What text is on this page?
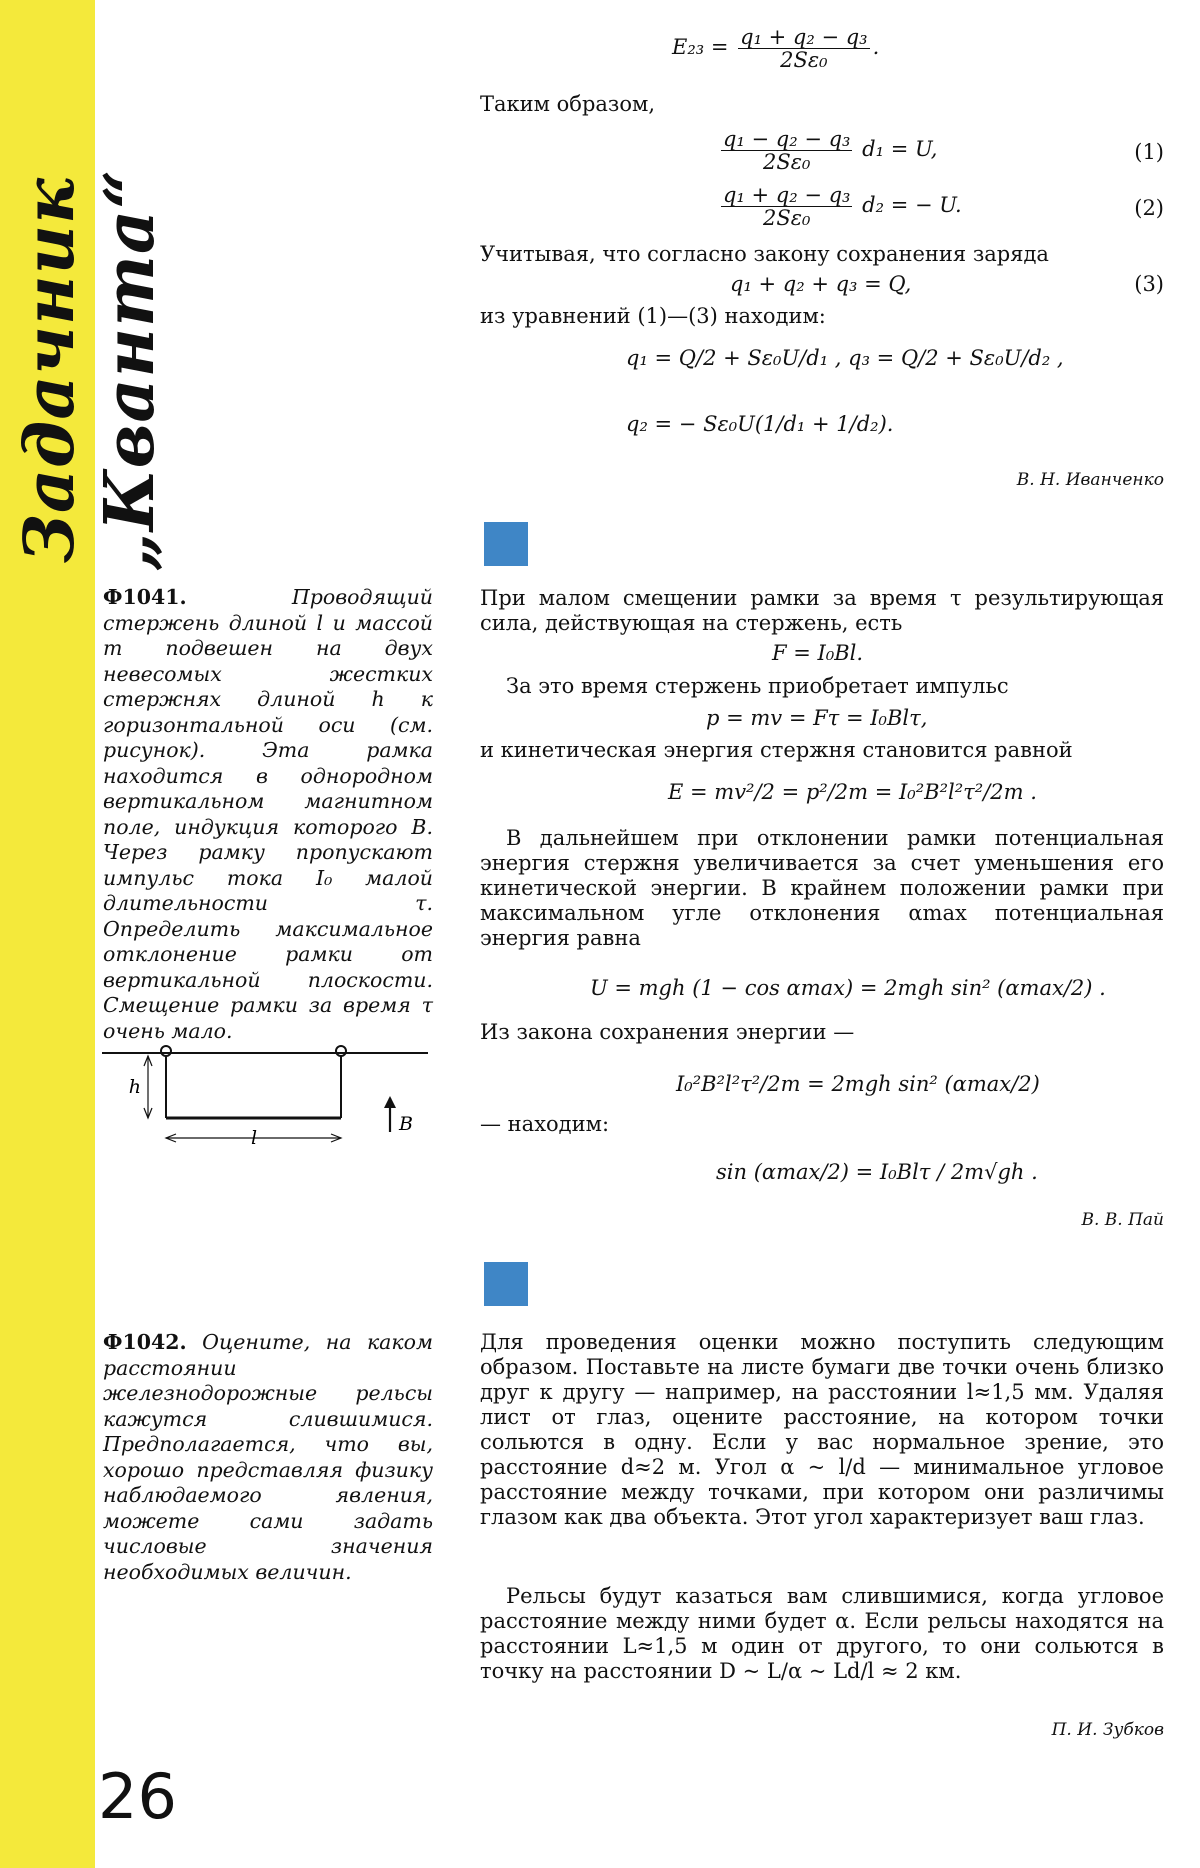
Задачник „Кванта“
26
$E_{23} = \frac{\text{q₁ + q₂ − q₃}}{\text{2Sε₀}}$ .
Таким образом,
$\frac{\text{q₁ − q₂ − q₃}}{\text{2Sε₀}} d_1 = U$,	(1)
$\frac{\text{q₁ + q₂ − q₃}}{\text{2Sε₀}} d_2$ = − U.	(2)
Учитывая, что согласно закону сохранения заряда
q₁ + q₂ + q₃ = Q,	(3)
из уравнений (1)—(3) находим:
q₁ = Q/2 + Sε₀U/d₁ , q₃ = Q/2 + Sε₀U/d₂ ,
q₂ = − Sε₀U(1/d₁ + 1/d₂).
В. Н. Иванченко
Ф1041.	Проводящий стержень длиной l и массой m подвешен на двух невесомых жестких стержнях длиной h к горизонтальной оси (см. рисунок). Эта рамка находится в однородном вертикальном магнитном поле, индукция которого B. Через рамку пропускают импульс тока I₀ малой длительности τ. Определить максимальное отклонение рамки от вертикальной плоскости. Смещение рамки за время τ очень мало.
h
l
B
При малом смещении рамки за время τ результирующая сила, действующая на стержень, есть
F = I₀Bl.
За это время стержень приобретает импульс
p = mv = Fτ = I₀Blτ,
и кинетическая энергия стержня становится равной
E = mv²/2 = p²/2m = I₀²B²l²τ²/2m .
В дальнейшем при отклонении рамки потенциальная энергия стержня увеличивается за счет уменьшения его кинетической энергии. В крайнем положении рамки при максимальном угле отклонения αmax потенциальная энергия равна
U = mgh (1 − cos αmax) = 2mgh sin² (αmax/2) .
Из закона сохранения энергии —
I₀²B²l²τ²/2m = 2mgh sin² (αmax/2)
— находим:
sin (αmax/2) = I₀Blτ / 2m√gh .
В. В. Пай
Ф1042. Оцените, на каком расстоянии железнодорожные рельсы кажутся слившимися. Предполагается, что вы, хорошо представляя физику наблюдаемого явления, можете сами задать числовые значения необходимых величин.
Для проведения оценки можно поступить следующим образом. Поставьте на листе бумаги две точки очень близко друг к другу — например, на расстоянии l≈1,5 мм. Удаляя лист от глаз, оцените расстояние, на котором точки сольются в одну. Если у вас нормальное зрение, это расстояние d≈2 м. Угол α ~ l/d — минимальное угловое расстояние между точками, при котором они различимы глазом как два объекта. Этот угол характеризует ваш глаз.
Рельсы будут казаться вам слившимися, когда угловое расстояние между ними будет α. Если рельсы находятся на расстоянии L≈1,5 м один от другого, то они сольются в точку на расстоянии D ~ L/α ~ Ld/l ≈ 2 км.
П. И. Зубков
